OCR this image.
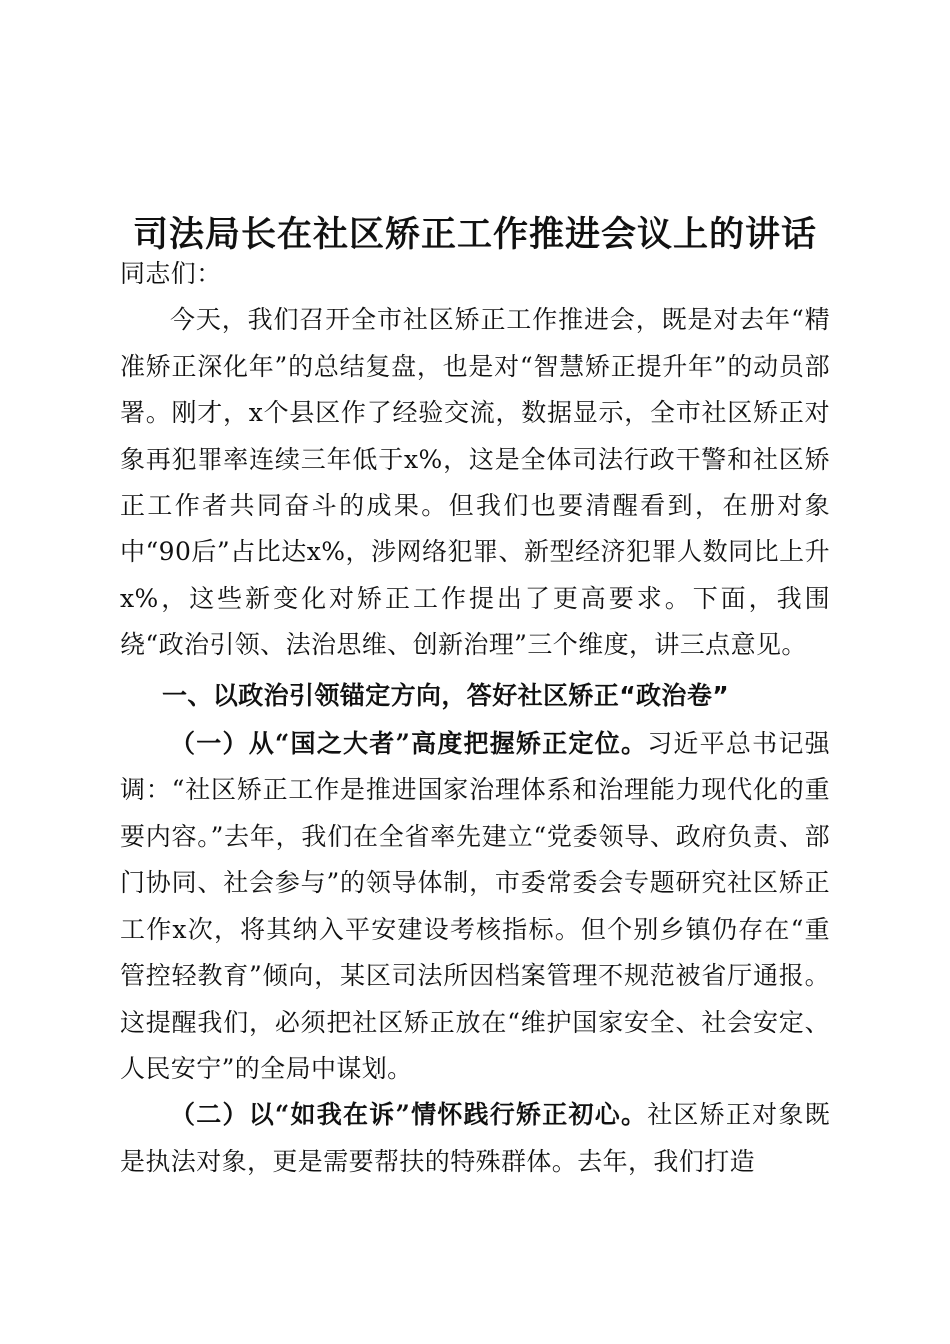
司法局长在社区矫正工作推进会议上的讲话

同志们：

今天，我们召开全市社区矫正工作推进会，既是对去年“精准矫正深化年”的总结复盘，也是对“智慧矫正提升年”的动员部署。刚才，x个县区作了经验交流，数据显示，全市社区矫正对象再犯罪率连续三年低于x%，这是全体司法行政干警和社区矫正工作者共同奋斗的成果。但我们也要清醒看到，在册对象中“90后”占比达x%，涉网络犯罪、新型经济犯罪人数同比上升x%，这些新变化对矫正工作提出了更高要求。下面，我围绕“政治引领、法治思维、创新治理”三个维度，讲三点意见。

一、以政治引领锚定方向，答好社区矫正“政治卷”

（一）从“国之大者”高度把握矫正定位。习近平总书记强调：“社区矫正工作是推进国家治理体系和治理能力现代化的重要内容。”去年，我们在全省率先建立“党委领导、政府负责、部门协同、社会参与”的领导体制，市委常委会专题研究社区矫正工作x次，将其纳入平安建设考核指标。但个别乡镇仍存在“重管控轻教育”倾向，某区司法所因档案管理不规范被省厅通报。这提醒我们，必须把社区矫正放在“维护国家安全、社会安定、人民安宁”的全局中谋划。

（二）以“如我在诉”情怀践行矫正初心。社区矫正对象既是执法对象，更是需要帮扶的特殊群体。去年，我们打造
